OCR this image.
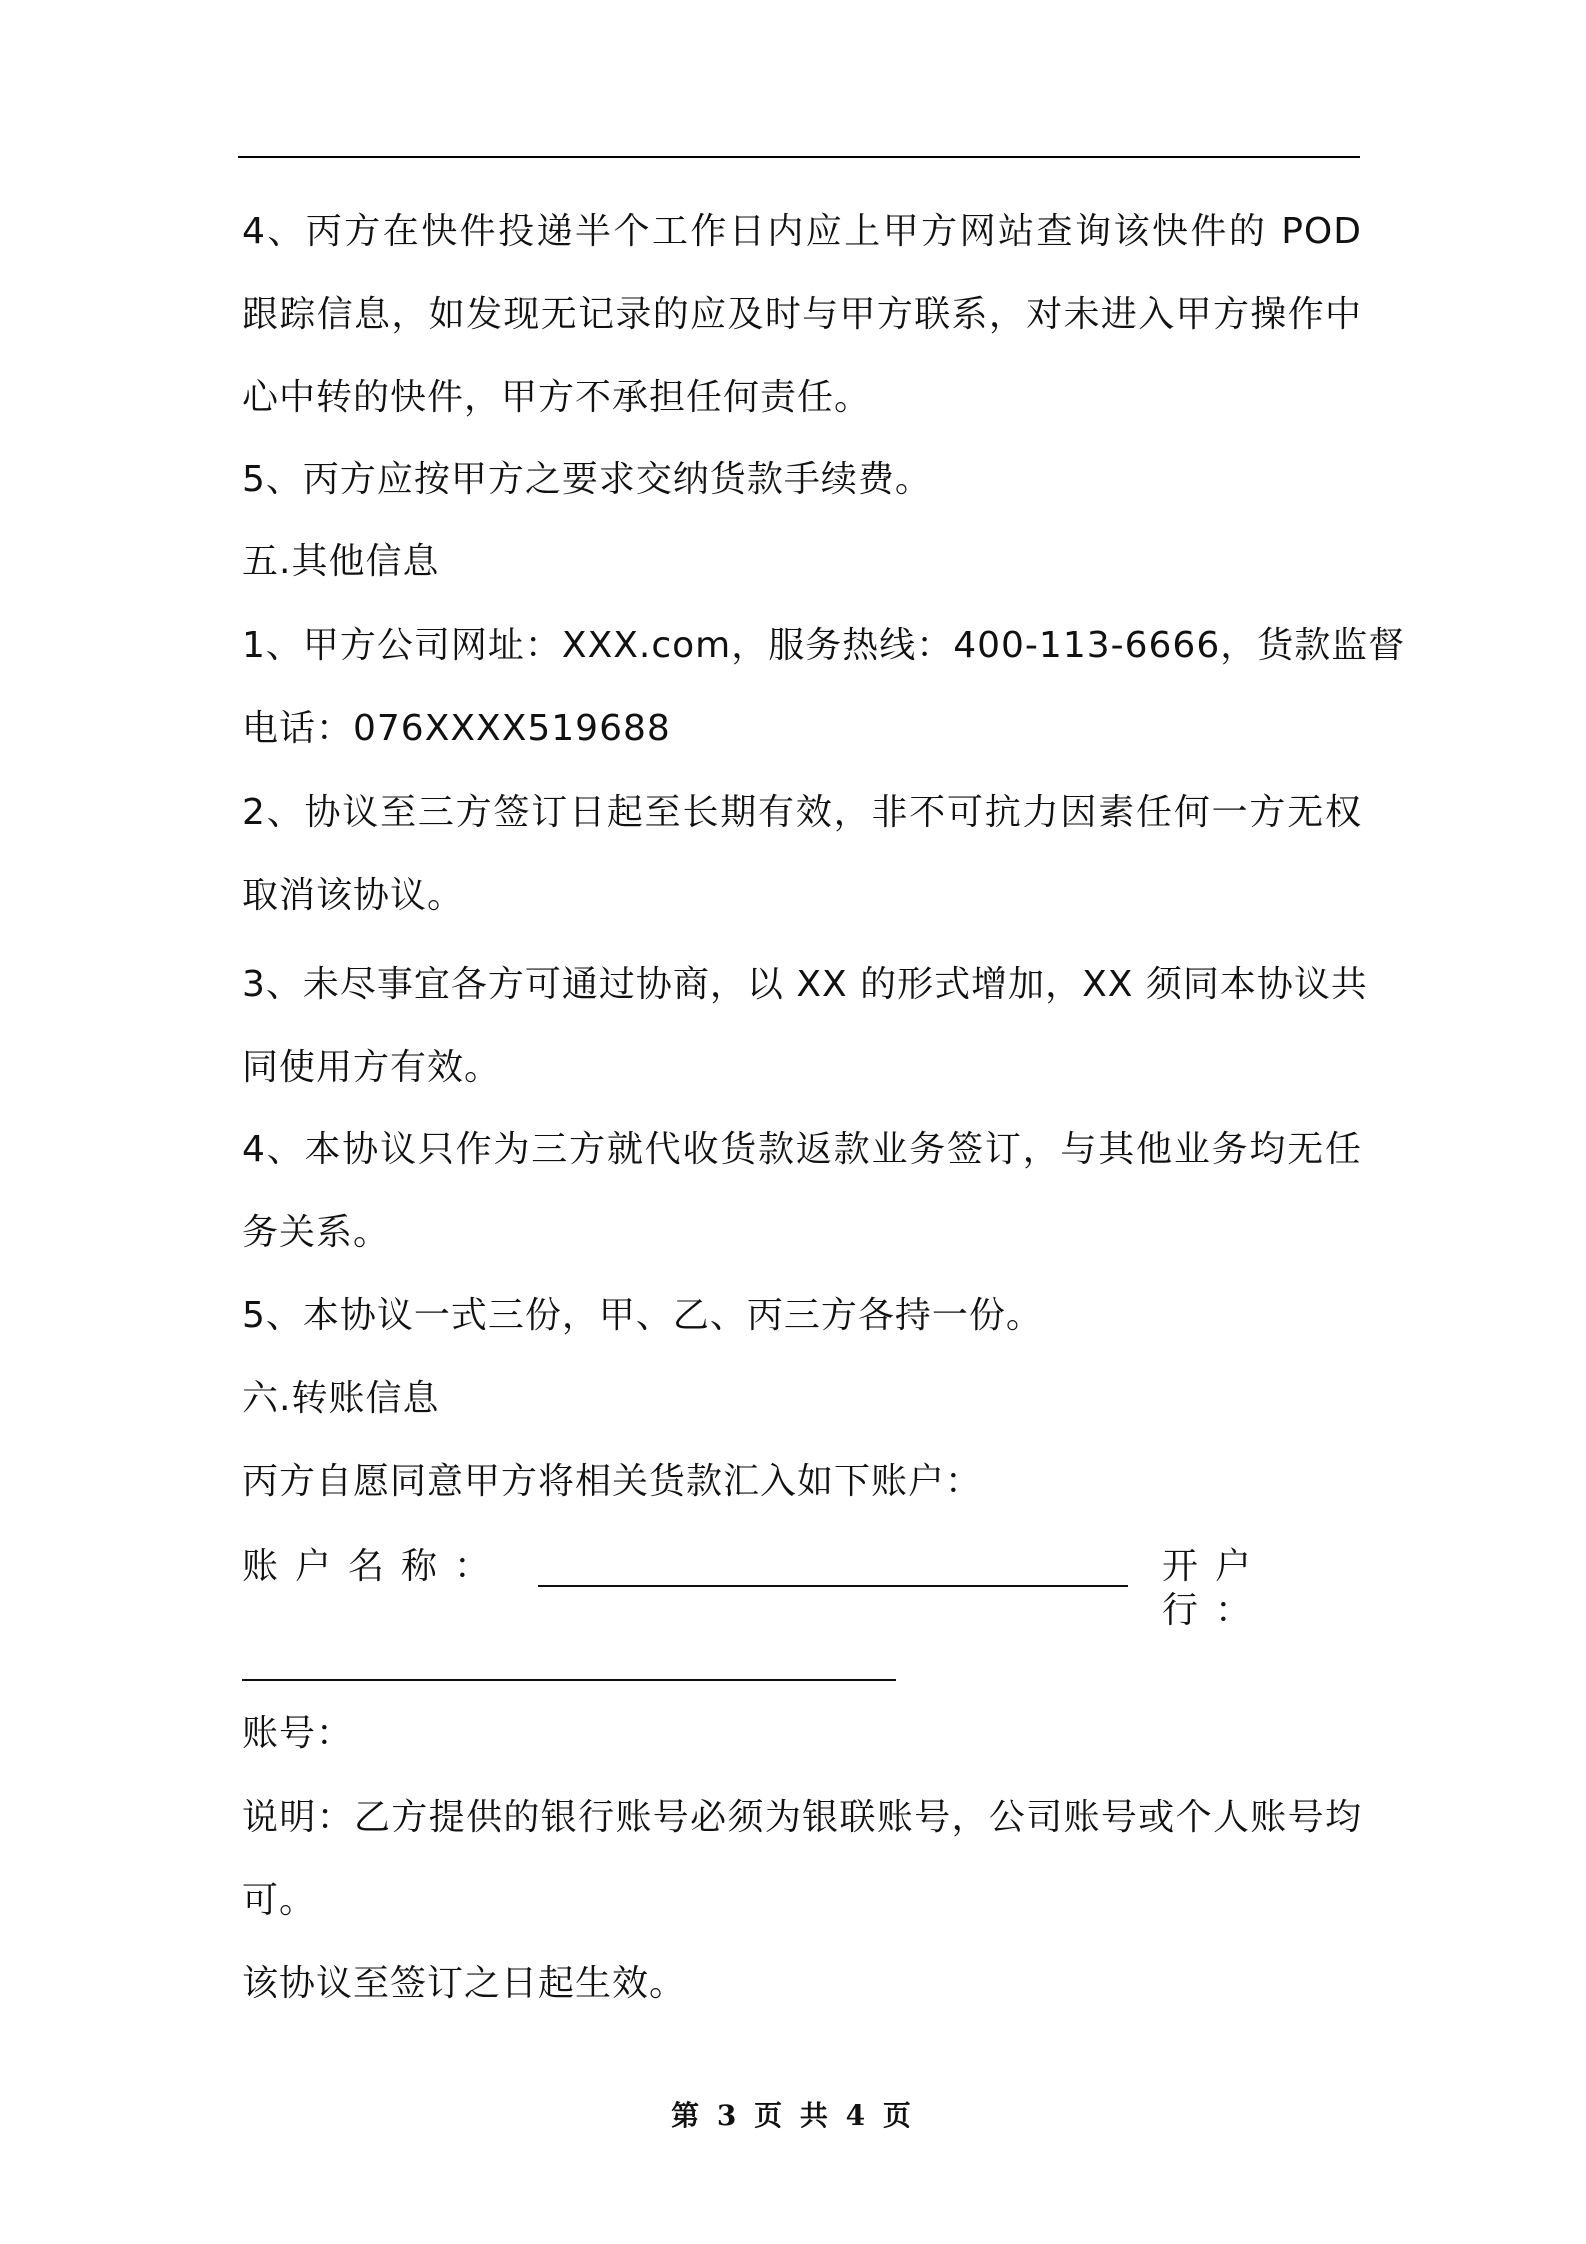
4、丙方在快件投递半个工作日内应上甲方网站查询该快件的 POD
跟踪信息，如发现无记录的应及时与甲方联系，对未进入甲方操作中
心中转的快件，甲方不承担任何责任。
5、丙方应按甲方之要求交纳货款手续费。
五.其他信息
1、甲方公司网址：XXX.com，服务热线：400-113-6666，货款监督
电话：076XXXX519688
2、协议至三方签订日起至长期有效，非不可抗力因素任何一方无权
取消该协议。
3、未尽事宜各方可通过协商，以 XX 的形式增加，XX 须同本协议共
同使用方有效。
4、本协议只作为三方就代收货款返款业务签订，与其他业务均无任
务关系。
5、本协议一式三份，甲、乙、丙三方各持一份。
六.转账信息
丙方自愿同意甲方将相关货款汇入如下账户：
账户名称：	开户行：
账号：
说明：乙方提供的银行账号必须为银联账号，公司账号或个人账号均
可。
该协议至签订之日起生效。
第 3 页 共 4 页
